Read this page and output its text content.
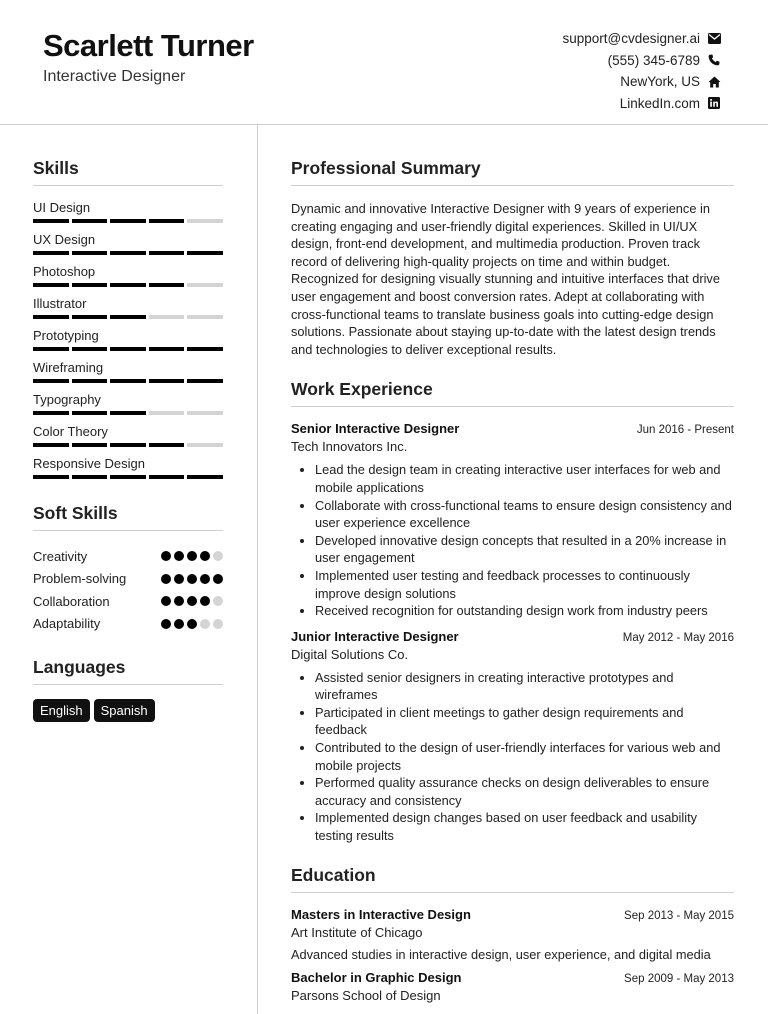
Scarlett Turner
Interactive Designer
support@cvdesigner.ai
(555) 345-6789
NewYork, US
LinkedIn.com
Skills
UI Design
UX Design
Photoshop
Illustrator
Prototyping
Wireframing
Typography
Color Theory
Responsive Design
Soft Skills
Creativity
Problem-solving
Collaboration
Adaptability
Languages
English	Spanish
Professional Summary

Dynamic and innovative Interactive Designer with 9 years of experience in creating engaging and user-friendly digital experiences. Skilled in UI/UX design, front-end development, and multimedia production. Proven track record of delivering high-quality projects on time and within budget. Recognized for designing visually stunning and intuitive interfaces that drive user engagement and boost conversion rates. Adept at collaborating with cross-functional teams to translate business goals into cutting-edge design solutions. Passionate about staying up-to-date with the latest design trends and technologies to deliver exceptional results.

Work Experience
Senior Interactive Designer	Jun 2016 - Present
Tech Innovators Inc.
• Lead the design team in creating interactive user interfaces for web and mobile applications
• Collaborate with cross-functional teams to ensure design consistency and user experience excellence
• Developed innovative design concepts that resulted in a 20% increase in user engagement
• Implemented user testing and feedback processes to continuously improve design solutions
• Received recognition for outstanding design work from industry peers
Junior Interactive Designer	May 2012 - May 2016
Digital Solutions Co.
• Assisted senior designers in creating interactive prototypes and wireframes
• Participated in client meetings to gather design requirements and feedback
• Contributed to the design of user-friendly interfaces for various web and mobile projects
• Performed quality assurance checks on design deliverables to ensure accuracy and consistency
• Implemented design changes based on user feedback and usability testing results
Education
Masters in Interactive Design	Sep 2013 - May 2015
Art Institute of Chicago
Advanced studies in interactive design, user experience, and digital media
Bachelor in Graphic Design	Sep 2009 - May 2013
Parsons School of Design
